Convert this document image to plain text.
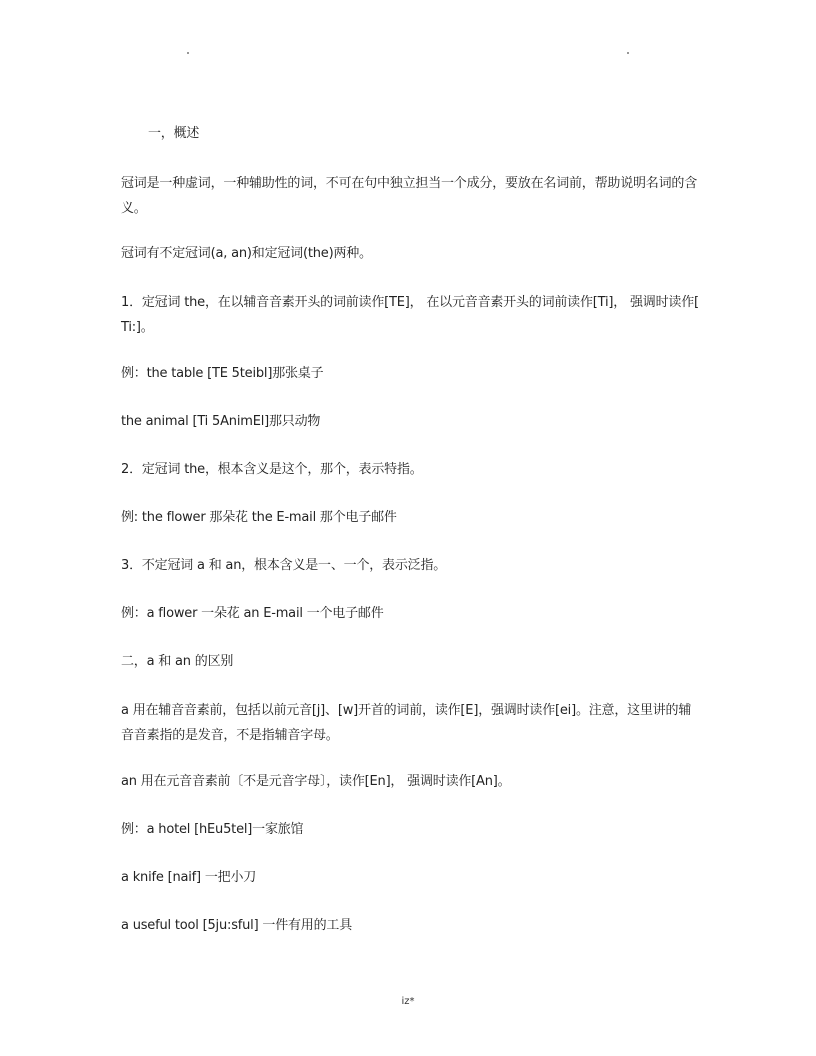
一，概述
冠词是一种虚词，一种辅助性的词，不可在句中独立担当一个成分，要放在名词前，帮助说明名词的含义。
冠词有不定冠词(a, an)和定冠词(the)两种。
1．定冠词 the，在以辅音音素开头的词前读作[TE]， 在以元音音素开头的词前读作[Ti]， 强调时读作[ Ti:]。
例：the table [TE 5teibl]那张桌子
the animal [Ti 5AnimEl]那只动物
2．定冠词 the，根本含义是这个，那个，表示特指。
例: the flower 那朵花 the E-mail 那个电子邮件
3．不定冠词 a 和 an，根本含义是一、一个，表示泛指。
例：a flower 一朵花 an E-mail 一个电子邮件
二，a 和 an 的区别
a 用在辅音音素前，包括以前元音[j]、[w]开首的词前，读作[E]，强调时读作[ei]。注意，这里讲的辅音音素指的是发音，不是指辅音字母。
an 用在元音音素前〔不是元音字母〕，读作[En]， 强调时读作[An]。
例：a hotel [hEu5tel]一家旅馆
a knife [naif] 一把小刀
a useful tool [5ju:sful] 一件有用的工具
iz*
